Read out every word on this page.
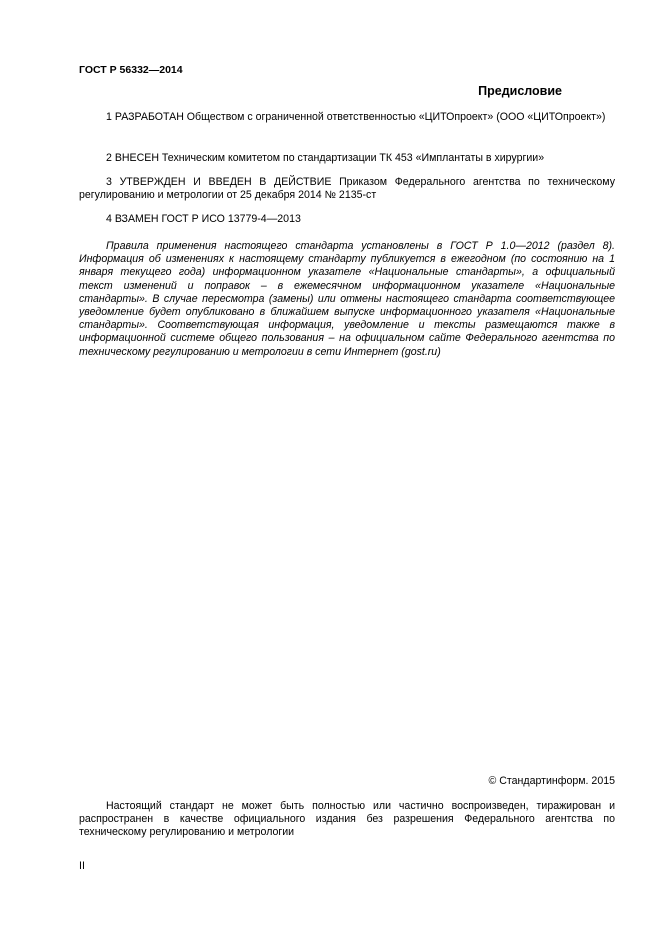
ГОСТ Р 56332—2014
Предисловие
1 РАЗРАБОТАН Обществом с ограниченной ответственностью «ЦИТОпроект» (ООО «ЦИТОпроект»)
2 ВНЕСЕН Техническим комитетом по стандартизации ТК 453 «Имплантаты в хирургии»
3 УТВЕРЖДЕН И ВВЕДЕН В ДЕЙСТВИЕ Приказом Федерального агентства по техническому регулированию и метрологии от 25 декабря 2014 № 2135-ст
4 ВЗАМЕН ГОСТ Р ИСО 13779-4—2013
Правила применения настоящего стандарта установлены в ГОСТ Р 1.0—2012 (раздел 8). Информация об изменениях к настоящему стандарту публикуется в ежегодном (по состоянию на 1 января текущего года) информационном указателе «Национальные стандарты», а официальный текст изменений и поправок – в ежемесячном информационном указателе «Национальные стандарты». В случае пересмотра (замены) или отмены настоящего стандарта соответствующее уведомление будет опубликовано в ближайшем выпуске информационного указателя «Национальные стандарты». Соответствующая информация, уведомление и тексты размещаются также в информационной системе общего пользования – на официальном сайте Федерального агентства по техническому регулированию и метрологии в сети Интернет (gost.ru)
© Стандартинформ. 2015
Настоящий стандарт не может быть полностью или частично воспроизведен, тиражирован и распространен в качестве официального издания без разрешения Федерального агентства по техническому регулированию и метрологии
II
